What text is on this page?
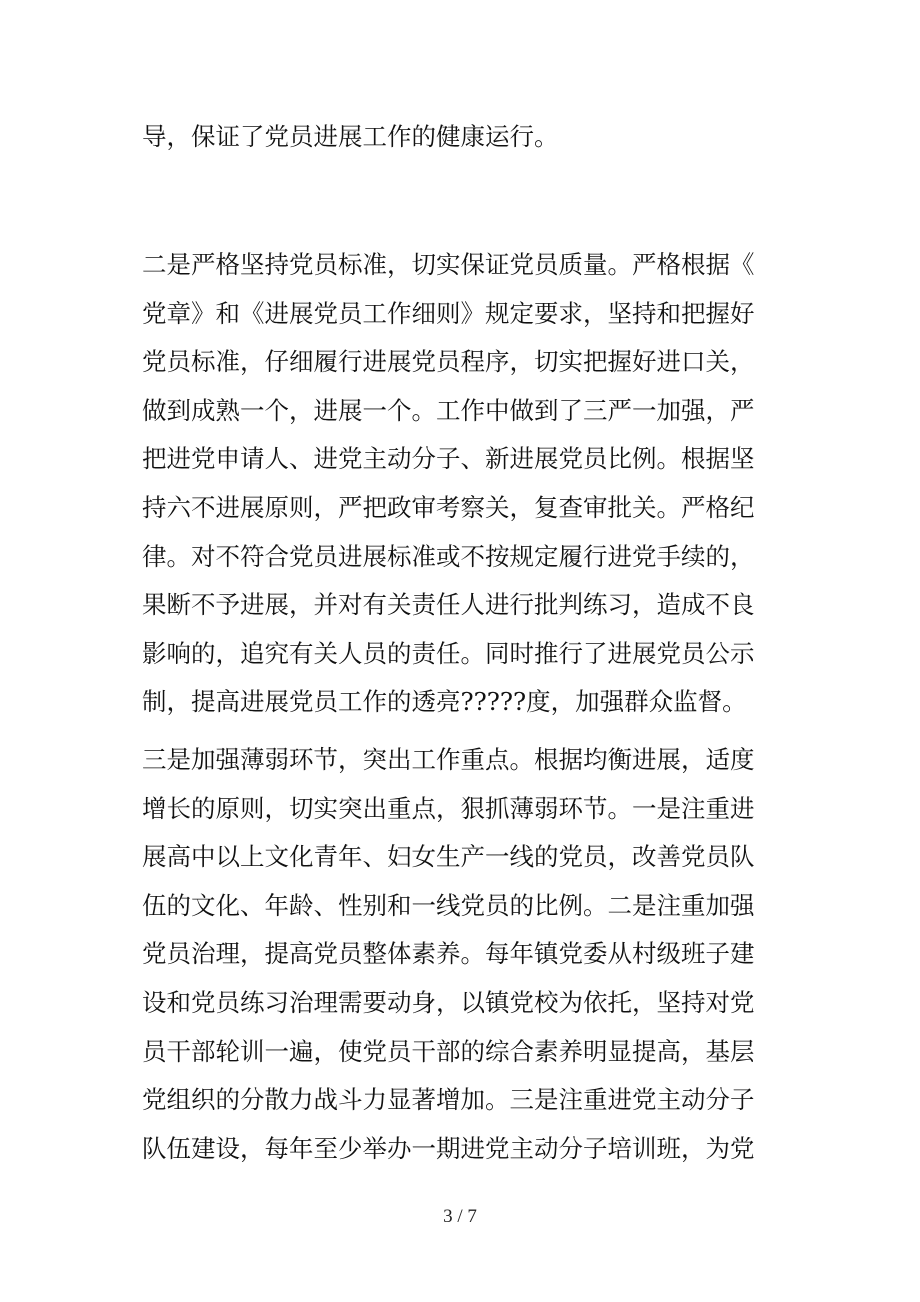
导，保证了党员进展工作的健康运行。

二是严格坚持党员标准，切实保证党员质量。严格根据《

党章》和《进展党员工作细则》规定要求，坚持和把握好

党员标准，仔细履行进展党员程序，切实把握好进口关，

做到成熟一个，进展一个。工作中做到了三严一加强，严

把进党申请人、进党主动分子、新进展党员比例。根据坚

持六不进展原则，严把政审考察关，复查审批关。严格纪

律。对不符合党员进展标准或不按规定履行进党手续的，

果断不予进展，并对有关责任人进行批判练习，造成不良

影响的，追究有关人员的责任。同时推行了进展党员公示

制，提高进展党员工作的透亮?????度，加强群众监督。

三是加强薄弱环节，突出工作重点。根据均衡进展，适度

增长的原则，切实突出重点，狠抓薄弱环节。一是注重进

展高中以上文化青年、妇女生产一线的党员，改善党员队

伍的文化、年龄、性别和一线党员的比例。二是注重加强

党员治理，提高党员整体素养。每年镇党委从村级班子建

设和党员练习治理需要动身，以镇党校为依托，坚持对党

员干部轮训一遍，使党员干部的综合素养明显提高，基层

党组织的分散力战斗力显著增加。三是注重进党主动分子

队伍建设，每年至少举办一期进党主动分子培训班，为党

3 / 7
